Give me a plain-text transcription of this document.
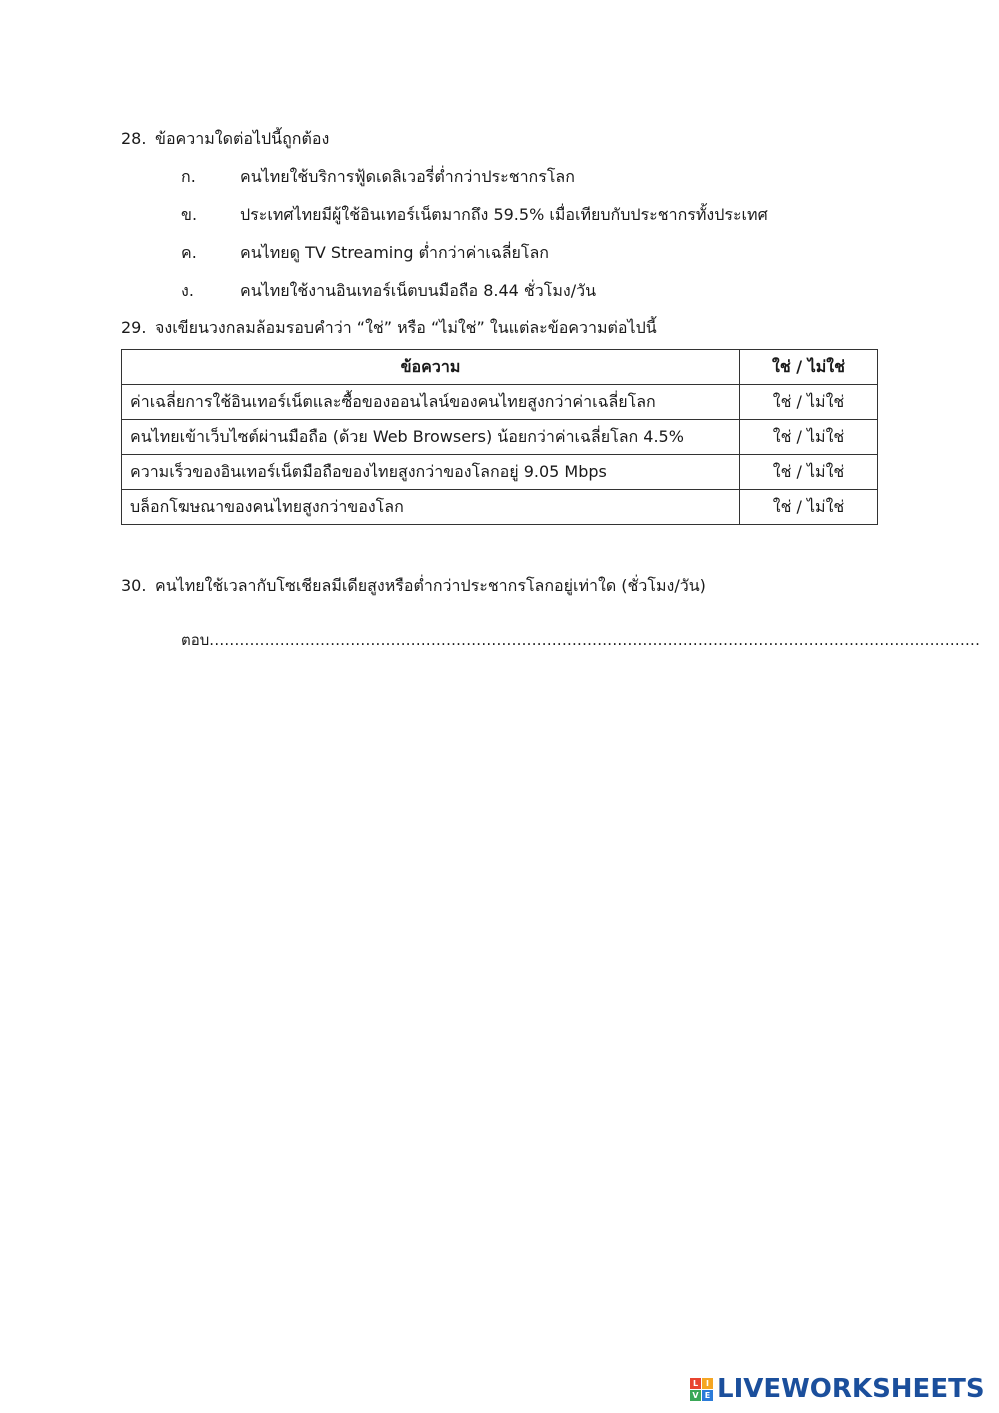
28. ข้อความใดต่อไปนี้ถูกต้อง
ก.	คนไทยใช้บริการฟู้ดเดลิเวอรี่ต่ำกว่าประชากรโลก
ข.	ประเทศไทยมีผู้ใช้อินเทอร์เน็ตมากถึง 59.5% เมื่อเทียบกับประชากรทั้งประเทศ
ค.	คนไทยดู TV Streaming ต่ำกว่าค่าเฉลี่ยโลก
ง.	คนไทยใช้งานอินเทอร์เน็ตบนมือถือ 8.44 ชั่วโมง/วัน
29. จงเขียนวงกลมล้อมรอบคำว่า “ใช่” หรือ “ไม่ใช่” ในแต่ละข้อความต่อไปนี้
ข้อความ	ใช่ / ไม่ใช่
ค่าเฉลี่ยการใช้อินเทอร์เน็ตและซื้อของออนไลน์ของคนไทยสูงกว่าค่าเฉลี่ยโลก	ใช่ / ไม่ใช่
คนไทยเข้าเว็บไซต์ผ่านมือถือ (ด้วย Web Browsers) น้อยกว่าค่าเฉลี่ยโลก 4.5%	ใช่ / ไม่ใช่
ความเร็วของอินเทอร์เน็ตมือถือของไทยสูงกว่าของโลกอยู่ 9.05 Mbps	ใช่ / ไม่ใช่
บล็อกโฆษณาของคนไทยสูงกว่าของโลก	ใช่ / ไม่ใช่
30. คนไทยใช้เวลากับโซเชียลมีเดียสูงหรือต่ำกว่าประชากรโลกอยู่เท่าใด (ชั่วโมง/วัน)
ตอบ.........................................................................................................................................................
L I
V E LIVEWORKSHEETS
